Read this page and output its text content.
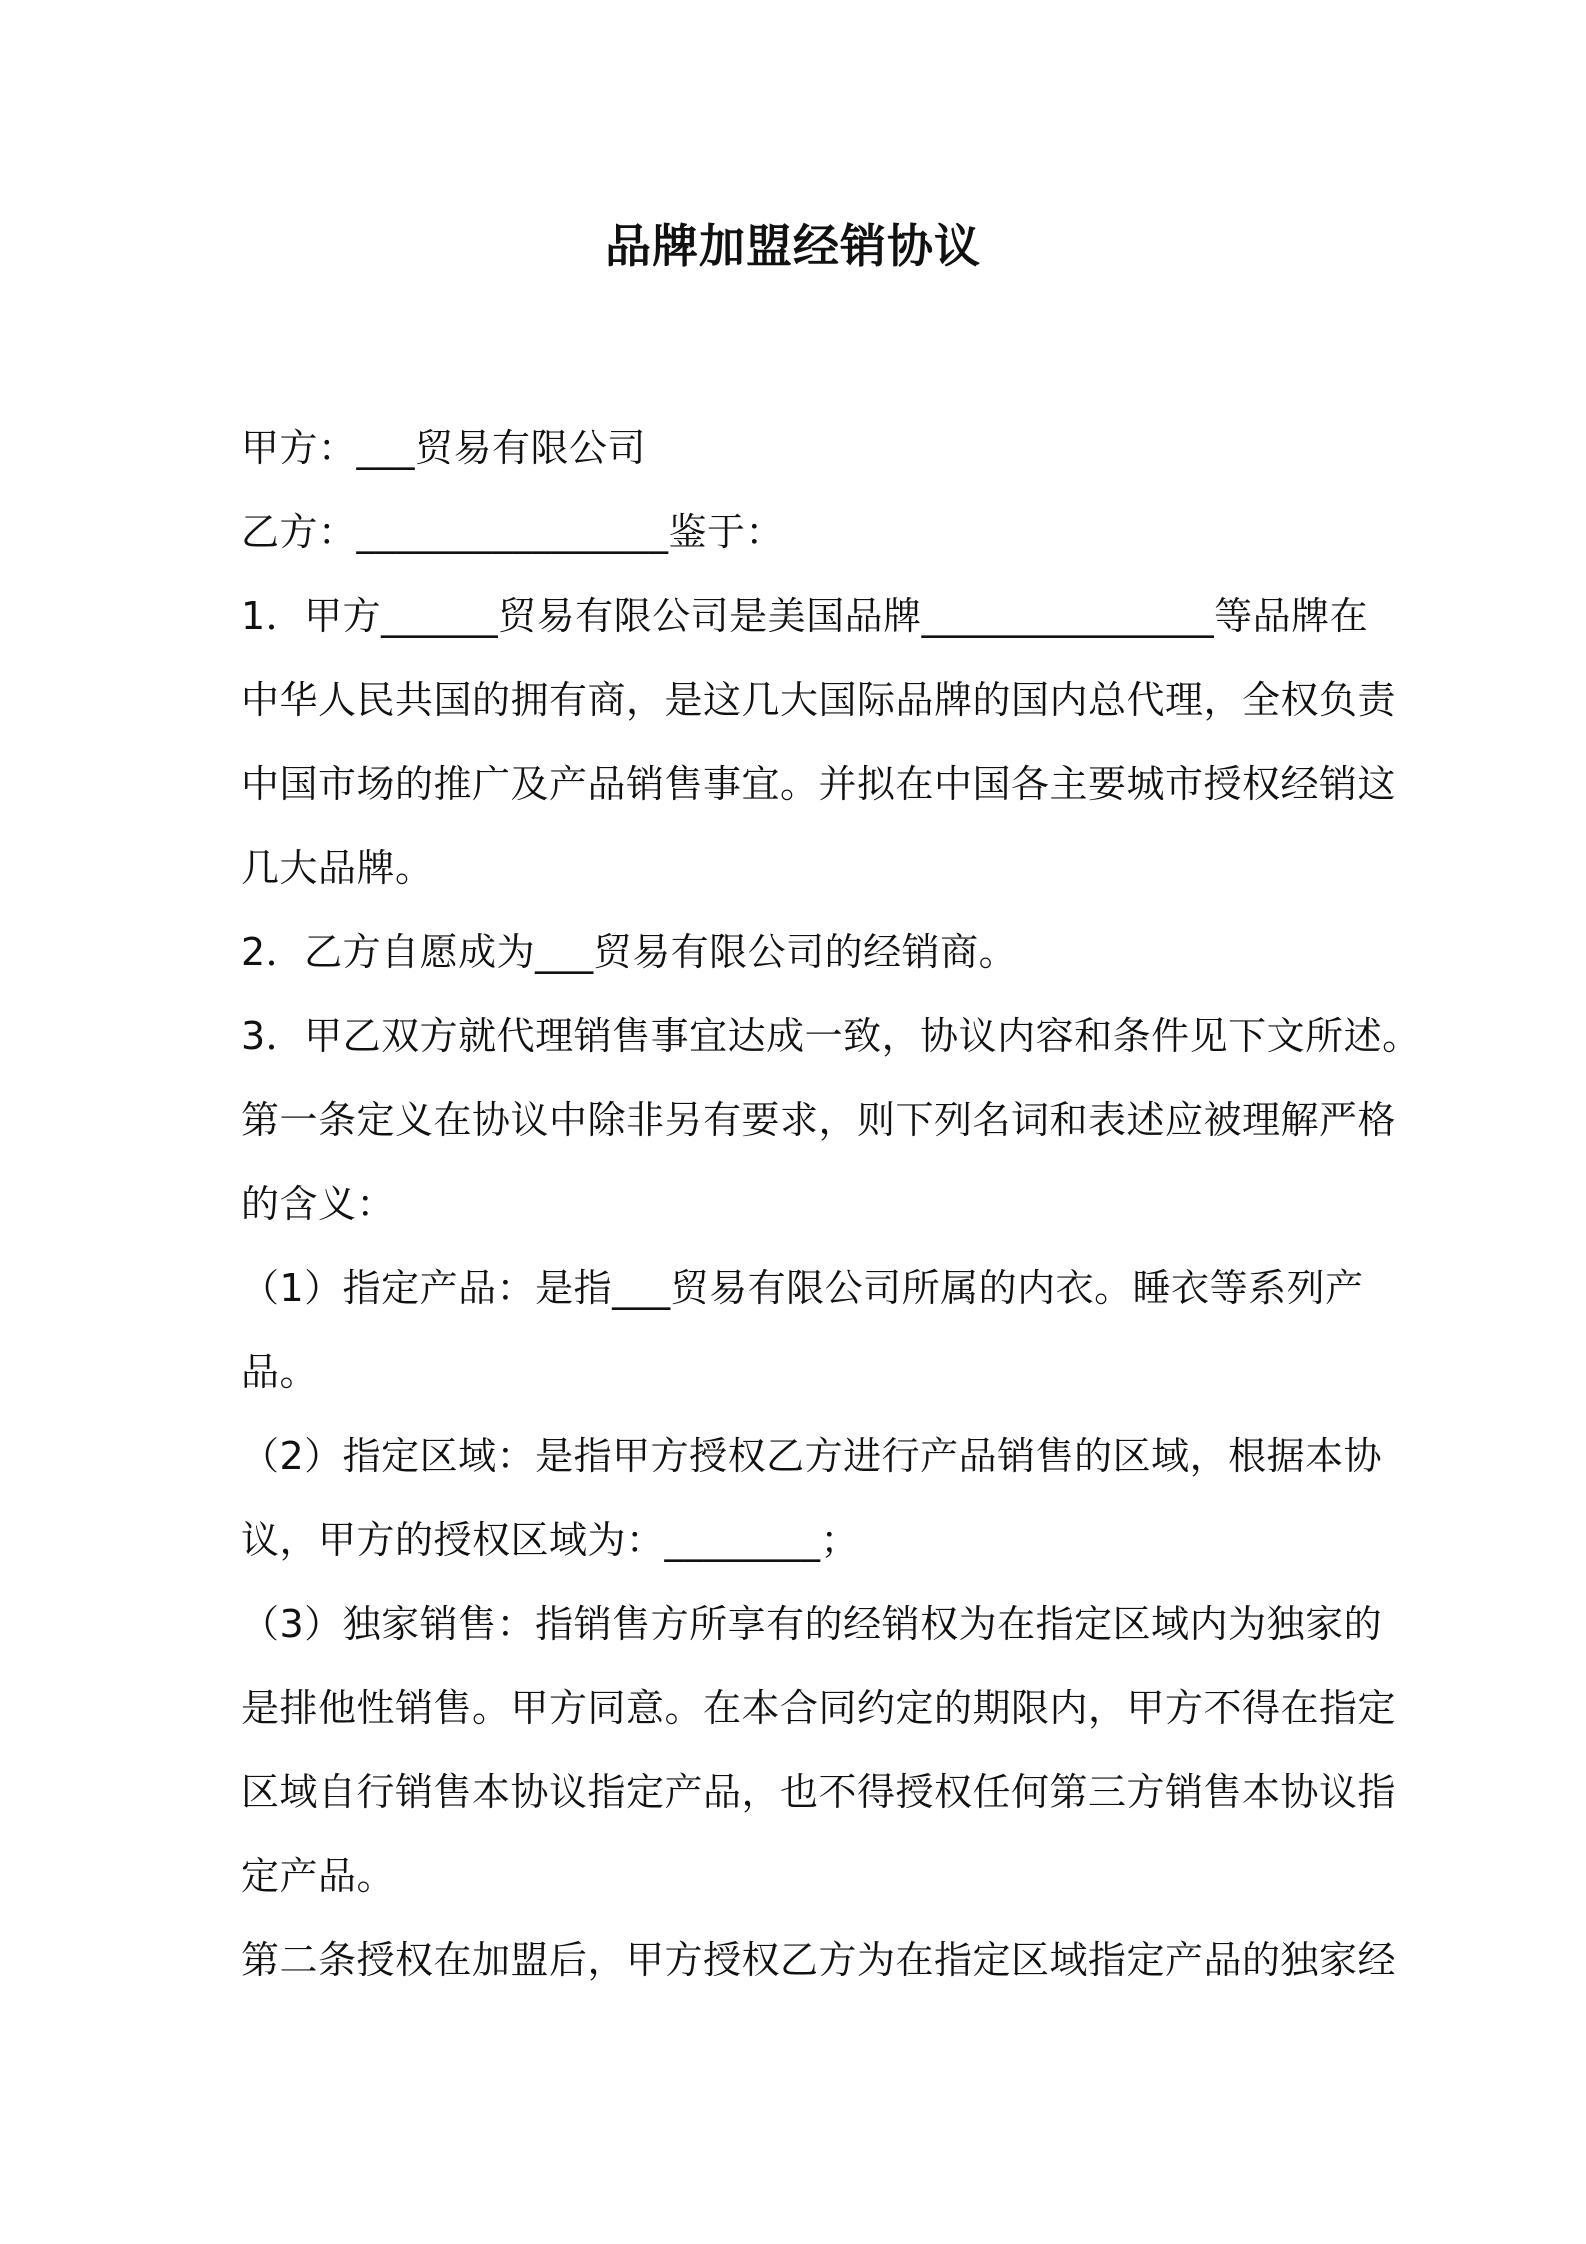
品牌加盟经销协议
甲方：___贸易有限公司
乙方：________________鉴于：
1．甲方______贸易有限公司是美国品牌_______________等品牌在
中华人民共国的拥有商，是这几大国际品牌的国内总代理，全权负责
中国市场的推广及产品销售事宜。并拟在中国各主要城市授权经销这
几大品牌。
2．乙方自愿成为___贸易有限公司的经销商。
3．甲乙双方就代理销售事宜达成一致，协议内容和条件见下文所述。
第一条定义在协议中除非另有要求，则下列名词和表述应被理解严格
的含义：
（1）指定产品：是指___贸易有限公司所属的内衣。睡衣等系列产
品。
（2）指定区域：是指甲方授权乙方进行产品销售的区域，根据本协
议，甲方的授权区域为：________；
（3）独家销售：指销售方所享有的经销权为在指定区域内为独家的
是排他性销售。甲方同意。在本合同约定的期限内，甲方不得在指定
区域自行销售本协议指定产品，也不得授权任何第三方销售本协议指
定产品。
第二条授权在加盟后，甲方授权乙方为在指定区域指定产品的独家经
